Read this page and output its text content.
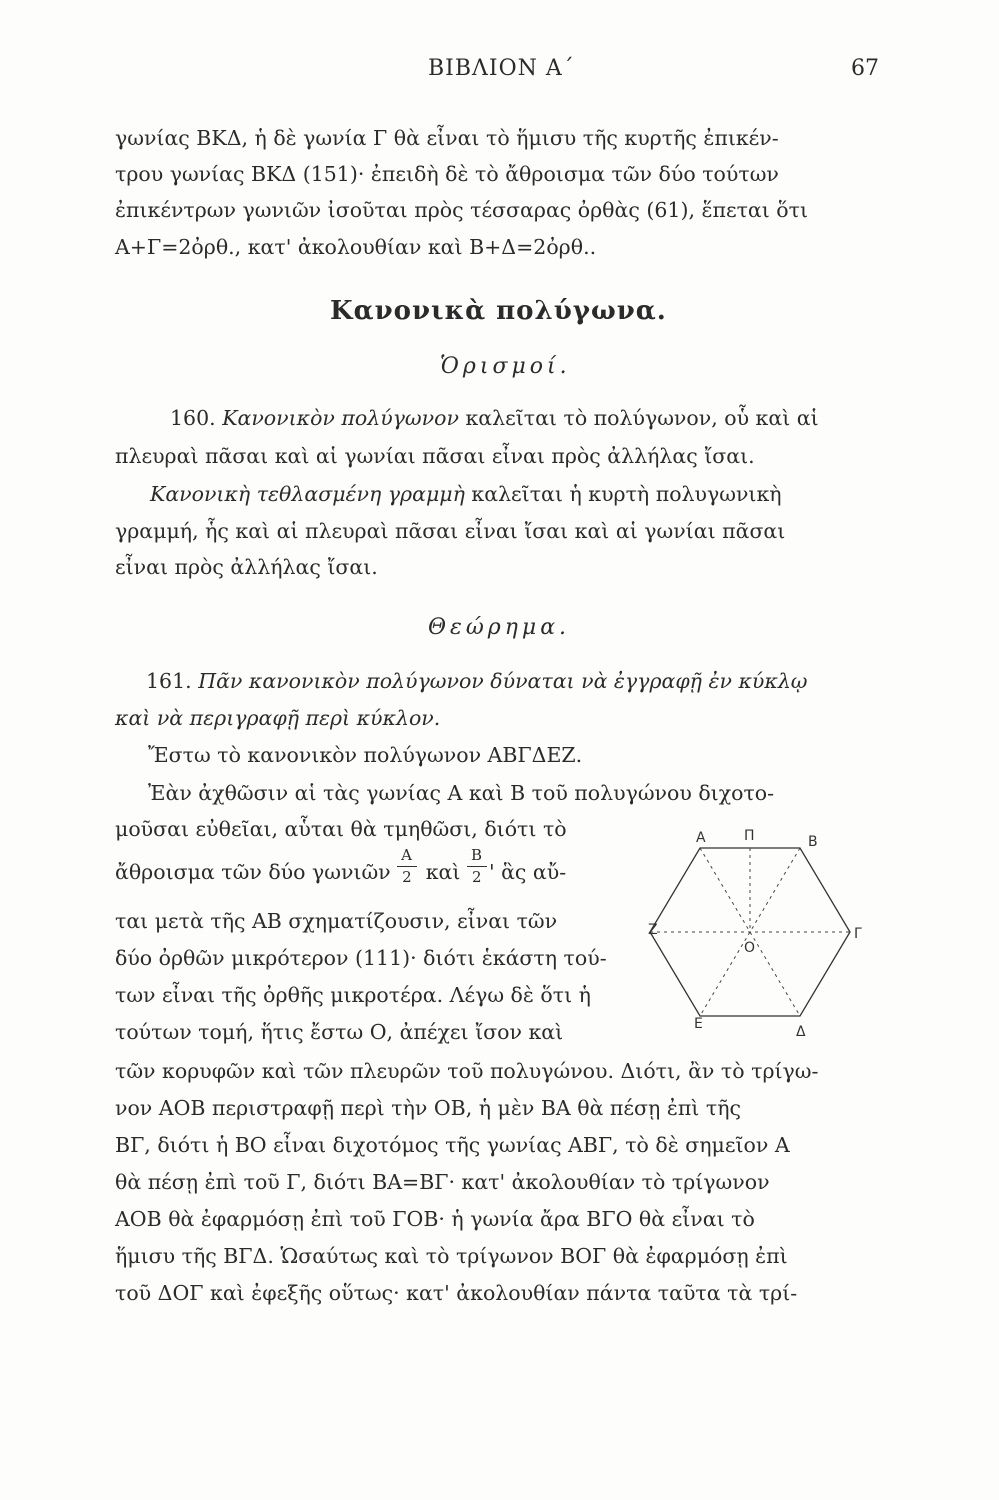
ΒΙΒΛΙΟΝ Α΄	67
γωνίας ΒΚΔ, ἡ δὲ γωνία Γ θὰ εἶναι τὸ ἥμισυ τῆς κυρτῆς ἐπικέν-
τρου γωνίας ΒΚΔ (151)· ἐπειδὴ δὲ τὸ ἄθροισμα τῶν δύο τούτων
ἐπικέντρων γωνιῶν ἰσοῦται πρὸς τέσσαρας ὀρθὰς (61), ἕπεται ὅτι
Α+Γ=2ὀρθ., κατ' ἀκολουθίαν καὶ Β+Δ=2ὀρθ..
Κανονικὰ πολύγωνα.
Ὁρισμοί.
160. Κανονικὸν πολύγωνον καλεῖται τὸ πολύγωνον, οὗ καὶ αἱ
πλευραὶ πᾶσαι καὶ αἱ γωνίαι πᾶσαι εἶναι πρὸς ἀλλήλας ἴσαι.
Κανονικὴ τεθλασμένη γραμμὴ καλεῖται ἡ κυρτὴ πολυγωνικὴ
γραμμή, ἧς καὶ αἱ πλευραὶ πᾶσαι εἶναι ἴσαι καὶ αἱ γωνίαι πᾶσαι
εἶναι πρὸς ἀλλήλας ἴσαι.
Θεώρημα.
161. Πᾶν κανονικὸν πολύγωνον δύναται νὰ ἐγγραφῇ ἐν κύκλῳ
καὶ νὰ περιγραφῇ περὶ κύκλον.
Ἔστω τὸ κανονικὸν πολύγωνον ΑΒΓΔΕΖ.
Ἐὰν ἀχθῶσιν αἱ τὰς γωνίας Α καὶ Β τοῦ πολυγώνου διχοτο-
μοῦσαι εὐθεῖαι, αὗται θὰ τμηθῶσι, διότι τὸ
ἄθροισμα τῶν δύο γωνιῶν $\frac{A}{2}$ καὶ $\frac{B}{2}$ ' ἃς αὔ-
ται μετὰ τῆς ΑΒ σχηματίζουσιν, εἶναι τῶν
δύο ὀρθῶν μικρότερον (111)· διότι ἑκάστη τού-
των εἶναι τῆς ὀρθῆς μικροτέρα. Λέγω δὲ ὅτι ἡ
τούτων τομή, ἥτις ἔστω Ο, ἀπέχει ἴσον καὶ
τῶν κορυφῶν καὶ τῶν πλευρῶν τοῦ πολυγώνου. Διότι, ἂν τὸ τρίγω-
νον ΑΟΒ περιστραφῇ περὶ τὴν ΟΒ, ἡ μὲν ΒΑ θὰ πέσῃ ἐπὶ τῆς
ΒΓ, διότι ἡ ΒΟ εἶναι διχοτόμος τῆς γωνίας ΑΒΓ, τὸ δὲ σημεῖον Α
θὰ πέσῃ ἐπὶ τοῦ Γ, διότι ΒΑ=ΒΓ· κατ' ἀκολουθίαν τὸ τρίγωνον
ΑΟΒ θὰ ἐφαρμόσῃ ἐπὶ τοῦ ΓΟΒ· ἡ γωνία ἄρα ΒΓΟ θὰ εἶναι τὸ
ἥμισυ τῆς ΒΓΔ. Ὡσαύτως καὶ τὸ τρίγωνον ΒΟΓ θὰ ἐφαρμόσῃ ἐπὶ
τοῦ ΔΟΓ καὶ ἐφεξῆς οὕτως· κατ' ἀκολουθίαν πάντα ταῦτα τὰ τρί-
Α	Π	Β
Γ
Δ
Ε
Ζ
Ο
